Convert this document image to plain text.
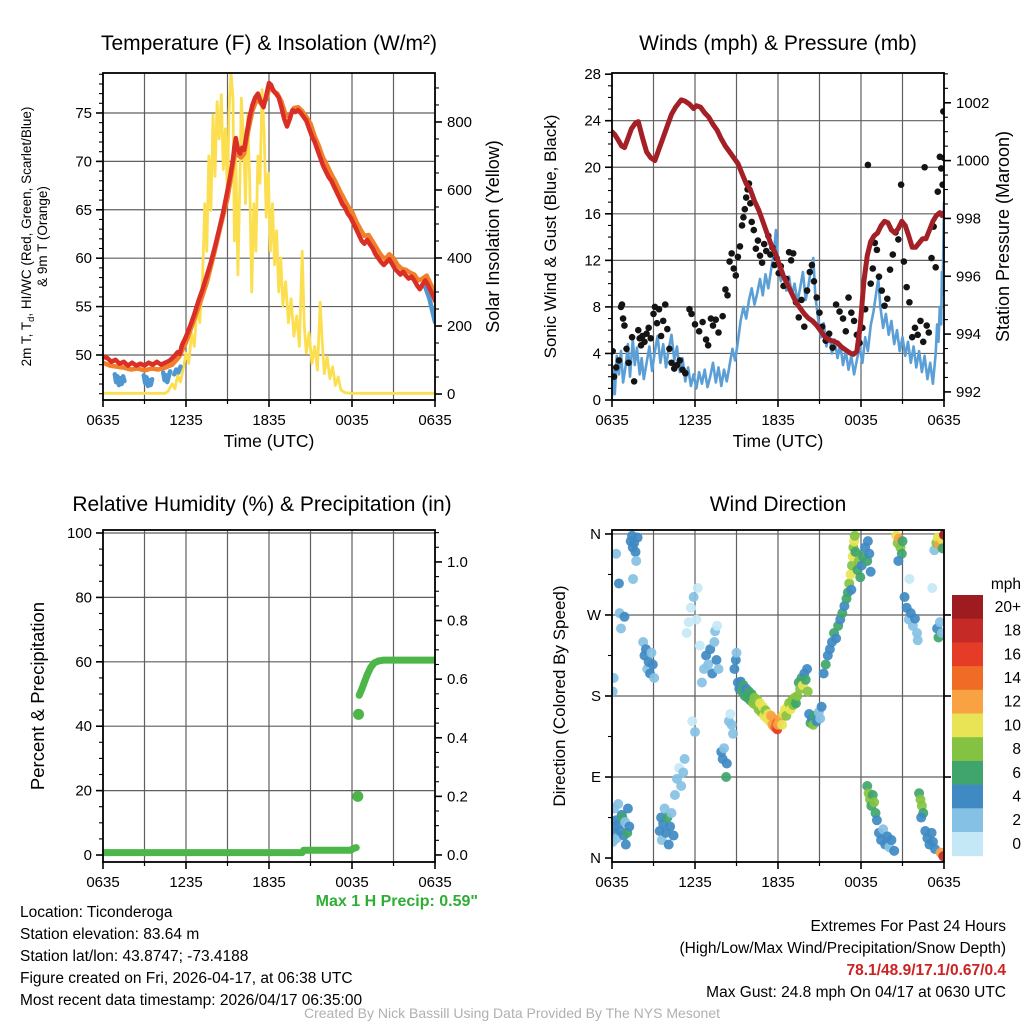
0635	1235	1835	0035	0635
50
55
60
65
70
75
0
200
400
600
800
Temperature (F) & Insolation (W/m²)
Time (UTC)
2m T, $T_d$, HI/WC (Red, Green, Scarlet/Blue) & 9m T (Orange)	Solar Insolation (Yellow)
0635	1235	1835	0035	0635
0
4
8
12
16
20
24
28
992
994
996
998
1000
1002
Winds (mph) & Pressure (mb)
Time (UTC)
Sonic Wind & Gust (Blue, Black)	Station Pressure (Maroon)
0635	1235	1835	0035	0635
0
20
40
60
80
100
0.0
0.2
0.4
0.6
0.8
1.0
Relative Humidity (%) & Precipitation (in)
Percent & Precipitation
0635	1235	1835	0035	0635
N
E
S
W
N
Wind Direction
Direction (Colored By Speed)
mph
20+
18
16
14
12
10
8
6
4
2
0
Location: Ticonderoga
Station elevation: 83.64 m
Station lat/lon: 43.8747; -73.4188
Figure created on Fri, 2026-04-17, at 06:38 UTC
Most recent data timestamp: 2026/04/17 06:35:00
Max 1 H Precip: 0.59"
Extremes For Past 24 Hours
(High/Low/Max Wind/Precipitation/Snow Depth)
78.1/48.9/17.1/0.67/0.4
Max Gust: 24.8 mph On 04/17 at 0630 UTC
Created By Nick Bassill Using Data Provided By The NYS Mesonet
